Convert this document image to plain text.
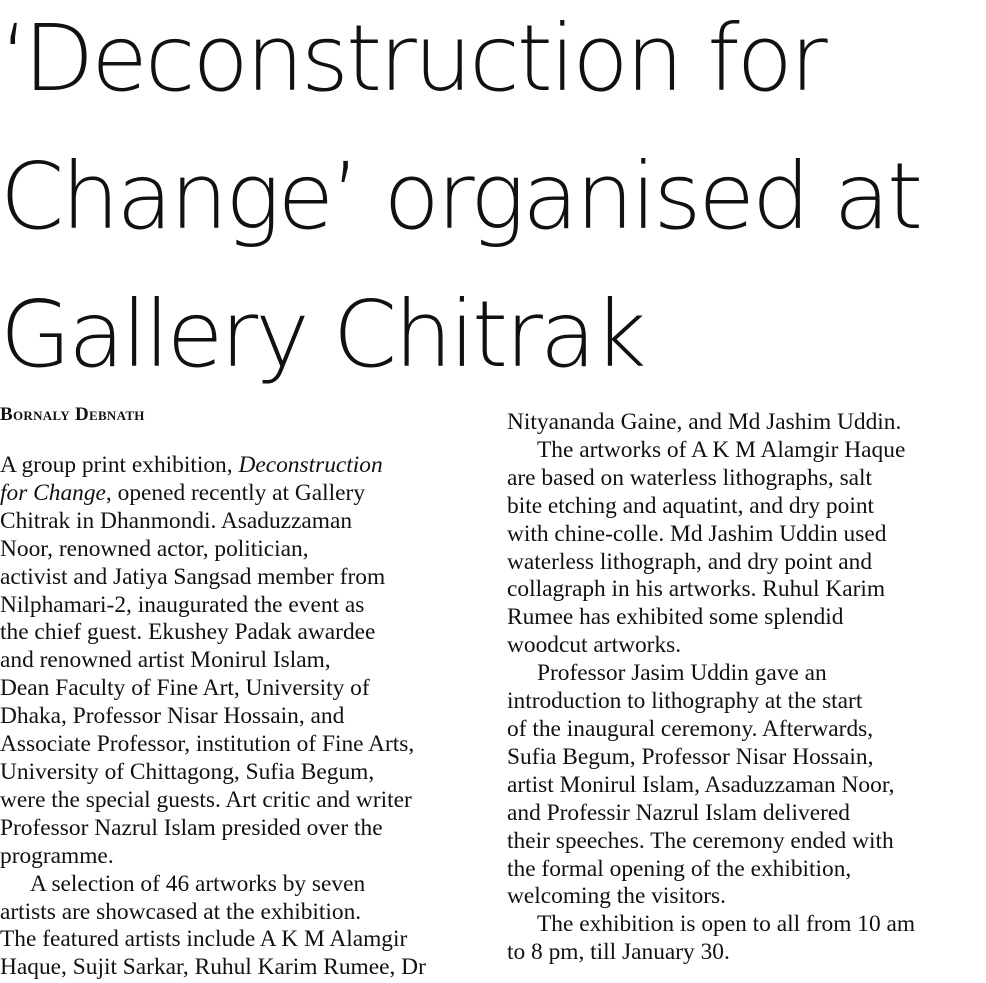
‘Deconstruction for
Change’ organised at
Gallery Chitrak
Bornaly Debnath
A group print exhibition, Deconstruction
for Change, opened recently at Gallery
Chitrak in Dhanmondi. Asaduzzaman
Noor, renowned actor, politician,
activist and Jatiya Sangsad member from
Nilphamari-2, inaugurated the event as
the chief guest. Ekushey Padak awardee
and renowned artist Monirul Islam,
Dean Faculty of Fine Art, University of
Dhaka, Professor Nisar Hossain, and
Associate Professor, institution of Fine Arts,
University of Chittagong, Sufia Begum,
were the special guests. Art critic and writer
Professor Nazrul Islam presided over the
programme.
A selection of 46 artworks by seven
artists are showcased at the exhibition.
The featured artists include A K M Alamgir
Haque, Sujit Sarkar, Ruhul Karim Rumee, Dr
Nityananda Gaine, and Md Jashim Uddin.
The artworks of A K M Alamgir Haque
are based on waterless lithographs, salt
bite etching and aquatint, and dry point
with chine-colle. Md Jashim Uddin used
waterless lithograph, and dry point and
collagraph in his artworks. Ruhul Karim
Rumee has exhibited some splendid
woodcut artworks.
Professor Jasim Uddin gave an
introduction to lithography at the start
of the inaugural ceremony. Afterwards,
Sufia Begum, Professor Nisar Hossain,
artist Monirul Islam, Asaduzzaman Noor,
and Professir Nazrul Islam delivered
their speeches. The ceremony ended with
the formal opening of the exhibition,
welcoming the visitors.
The exhibition is open to all from 10 am
to 8 pm, till January 30.
